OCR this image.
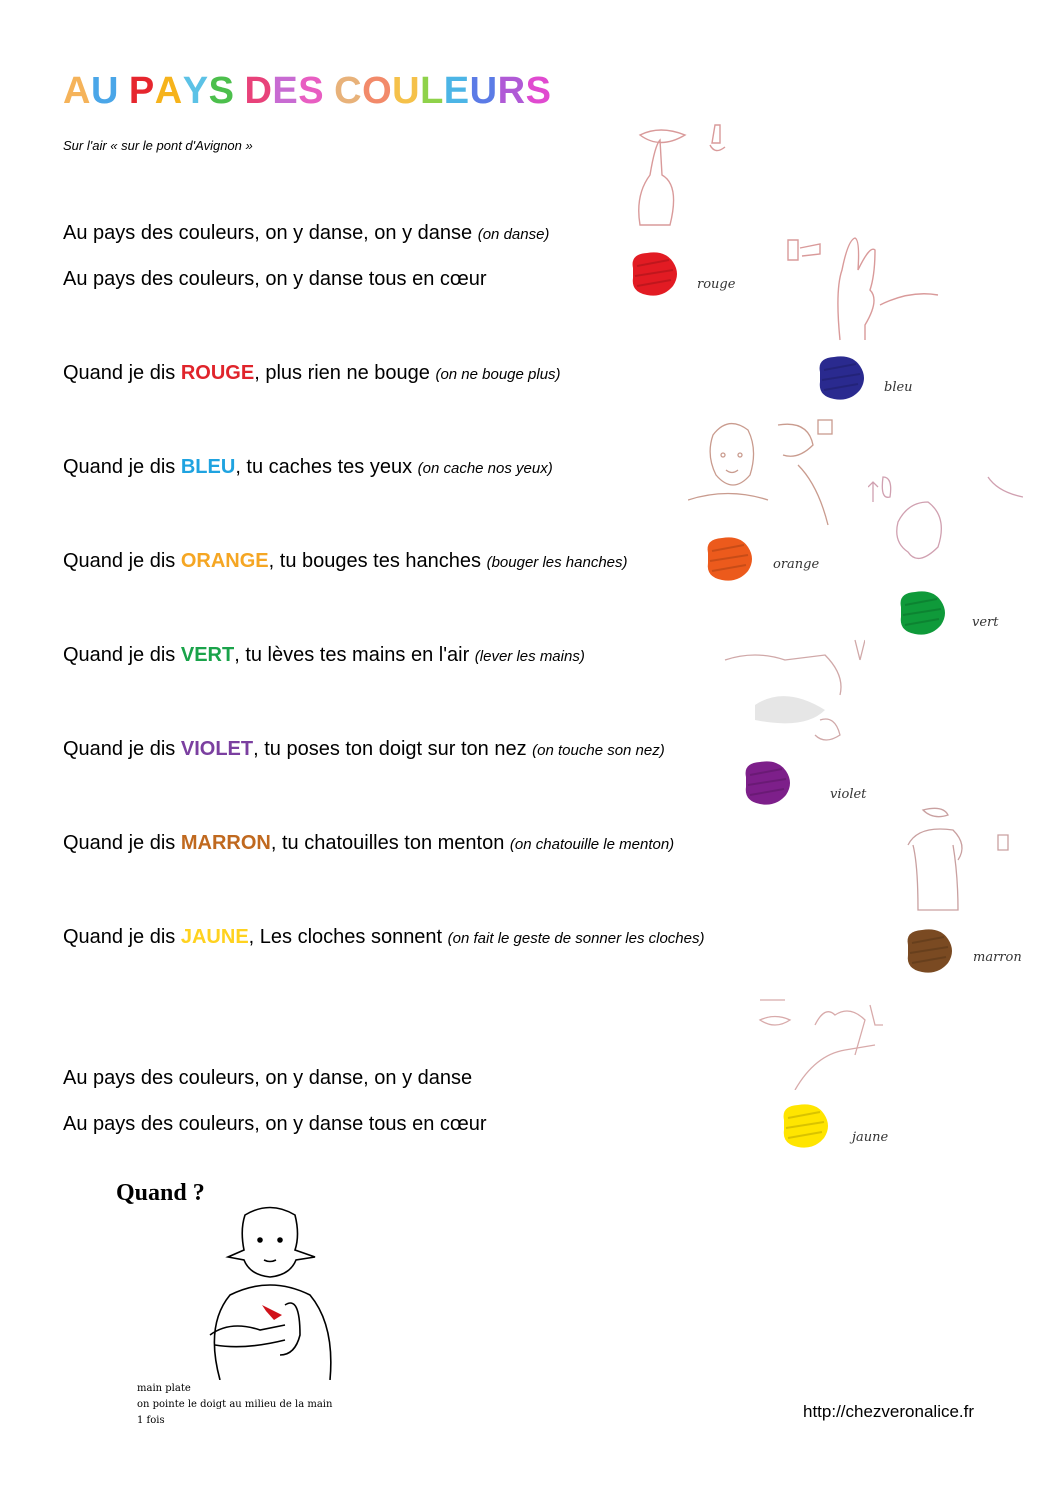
AU PAYS DES COULEURS
Sur l'air « sur le pont d'Avignon »
Au pays des couleurs, on y danse, on y danse (on danse)
Au pays des couleurs, on y danse tous en cœur
Quand je dis ROUGE, plus rien ne bouge (on ne bouge plus)
Quand je dis BLEU, tu caches tes yeux (on cache nos yeux)
Quand je dis ORANGE, tu bouges tes hanches (bouger les hanches)
Quand je dis VERT, tu lèves tes mains en l'air (lever les mains)
Quand je dis VIOLET, tu poses ton doigt sur ton nez (on touche son nez)
Quand je dis MARRON, tu chatouilles ton menton (on chatouille le menton)
Quand je dis JAUNE, Les cloches sonnent (on fait le geste de sonner les cloches)
Au pays des couleurs, on y danse, on y danse
Au pays des couleurs, on y danse tous en cœur
rouge
bleu
orange
vert
violet
marron
jaune
Quand ?
main plate
on pointe le doigt au milieu de la main
1 fois	http://chezveronalice.fr
